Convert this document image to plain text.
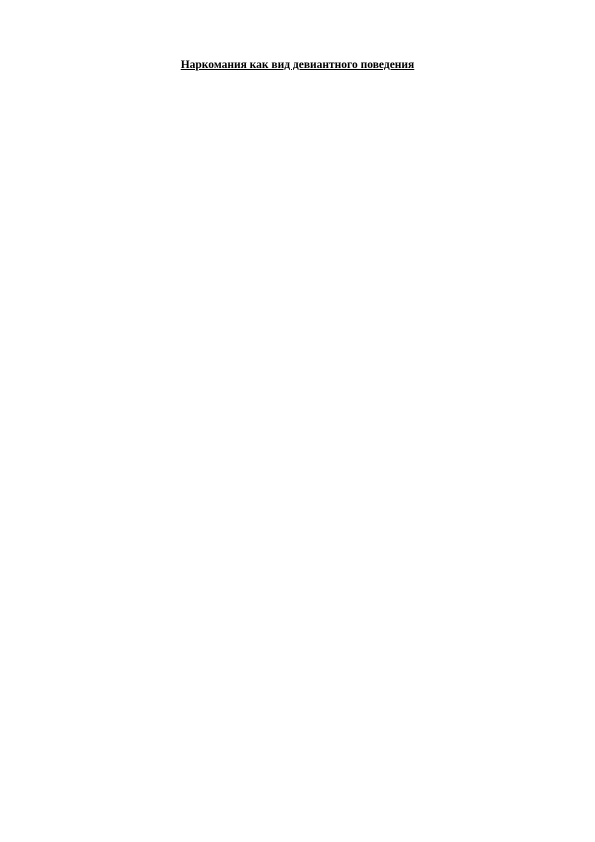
Наркомания как вид девиантного поведения
